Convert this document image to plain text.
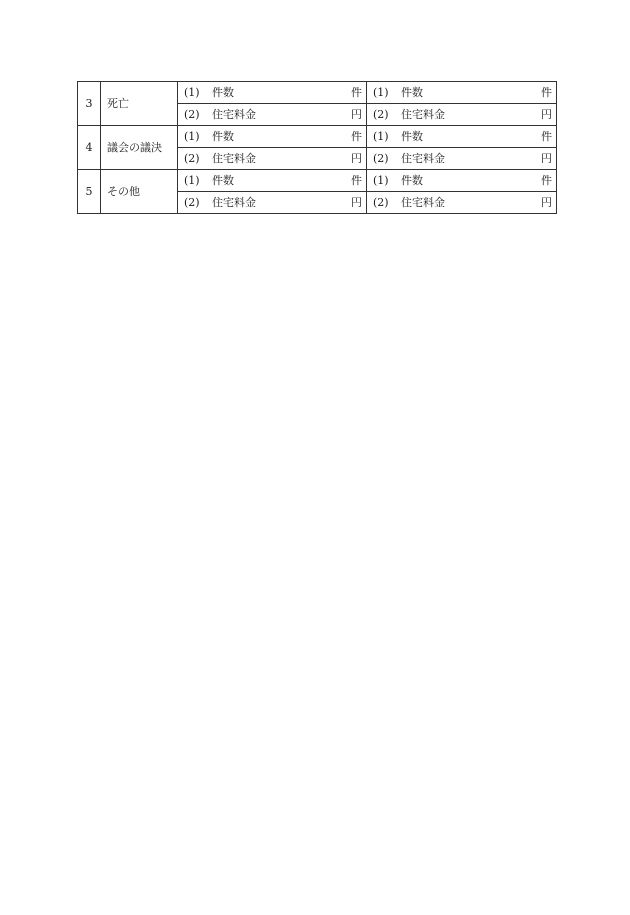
3	死亡	(1) 件数 件	(1) 件数 件

		(2) 住宅料金 円	(2) 住宅料金 円

4	議会の議決	(1) 件数 件	(1) 件数 件

		(2) 住宅料金 円	(2) 住宅料金 円

5	その他	(1) 件数 件	(1) 件数 件

		(2) 住宅料金 円	(2) 住宅料金 円
